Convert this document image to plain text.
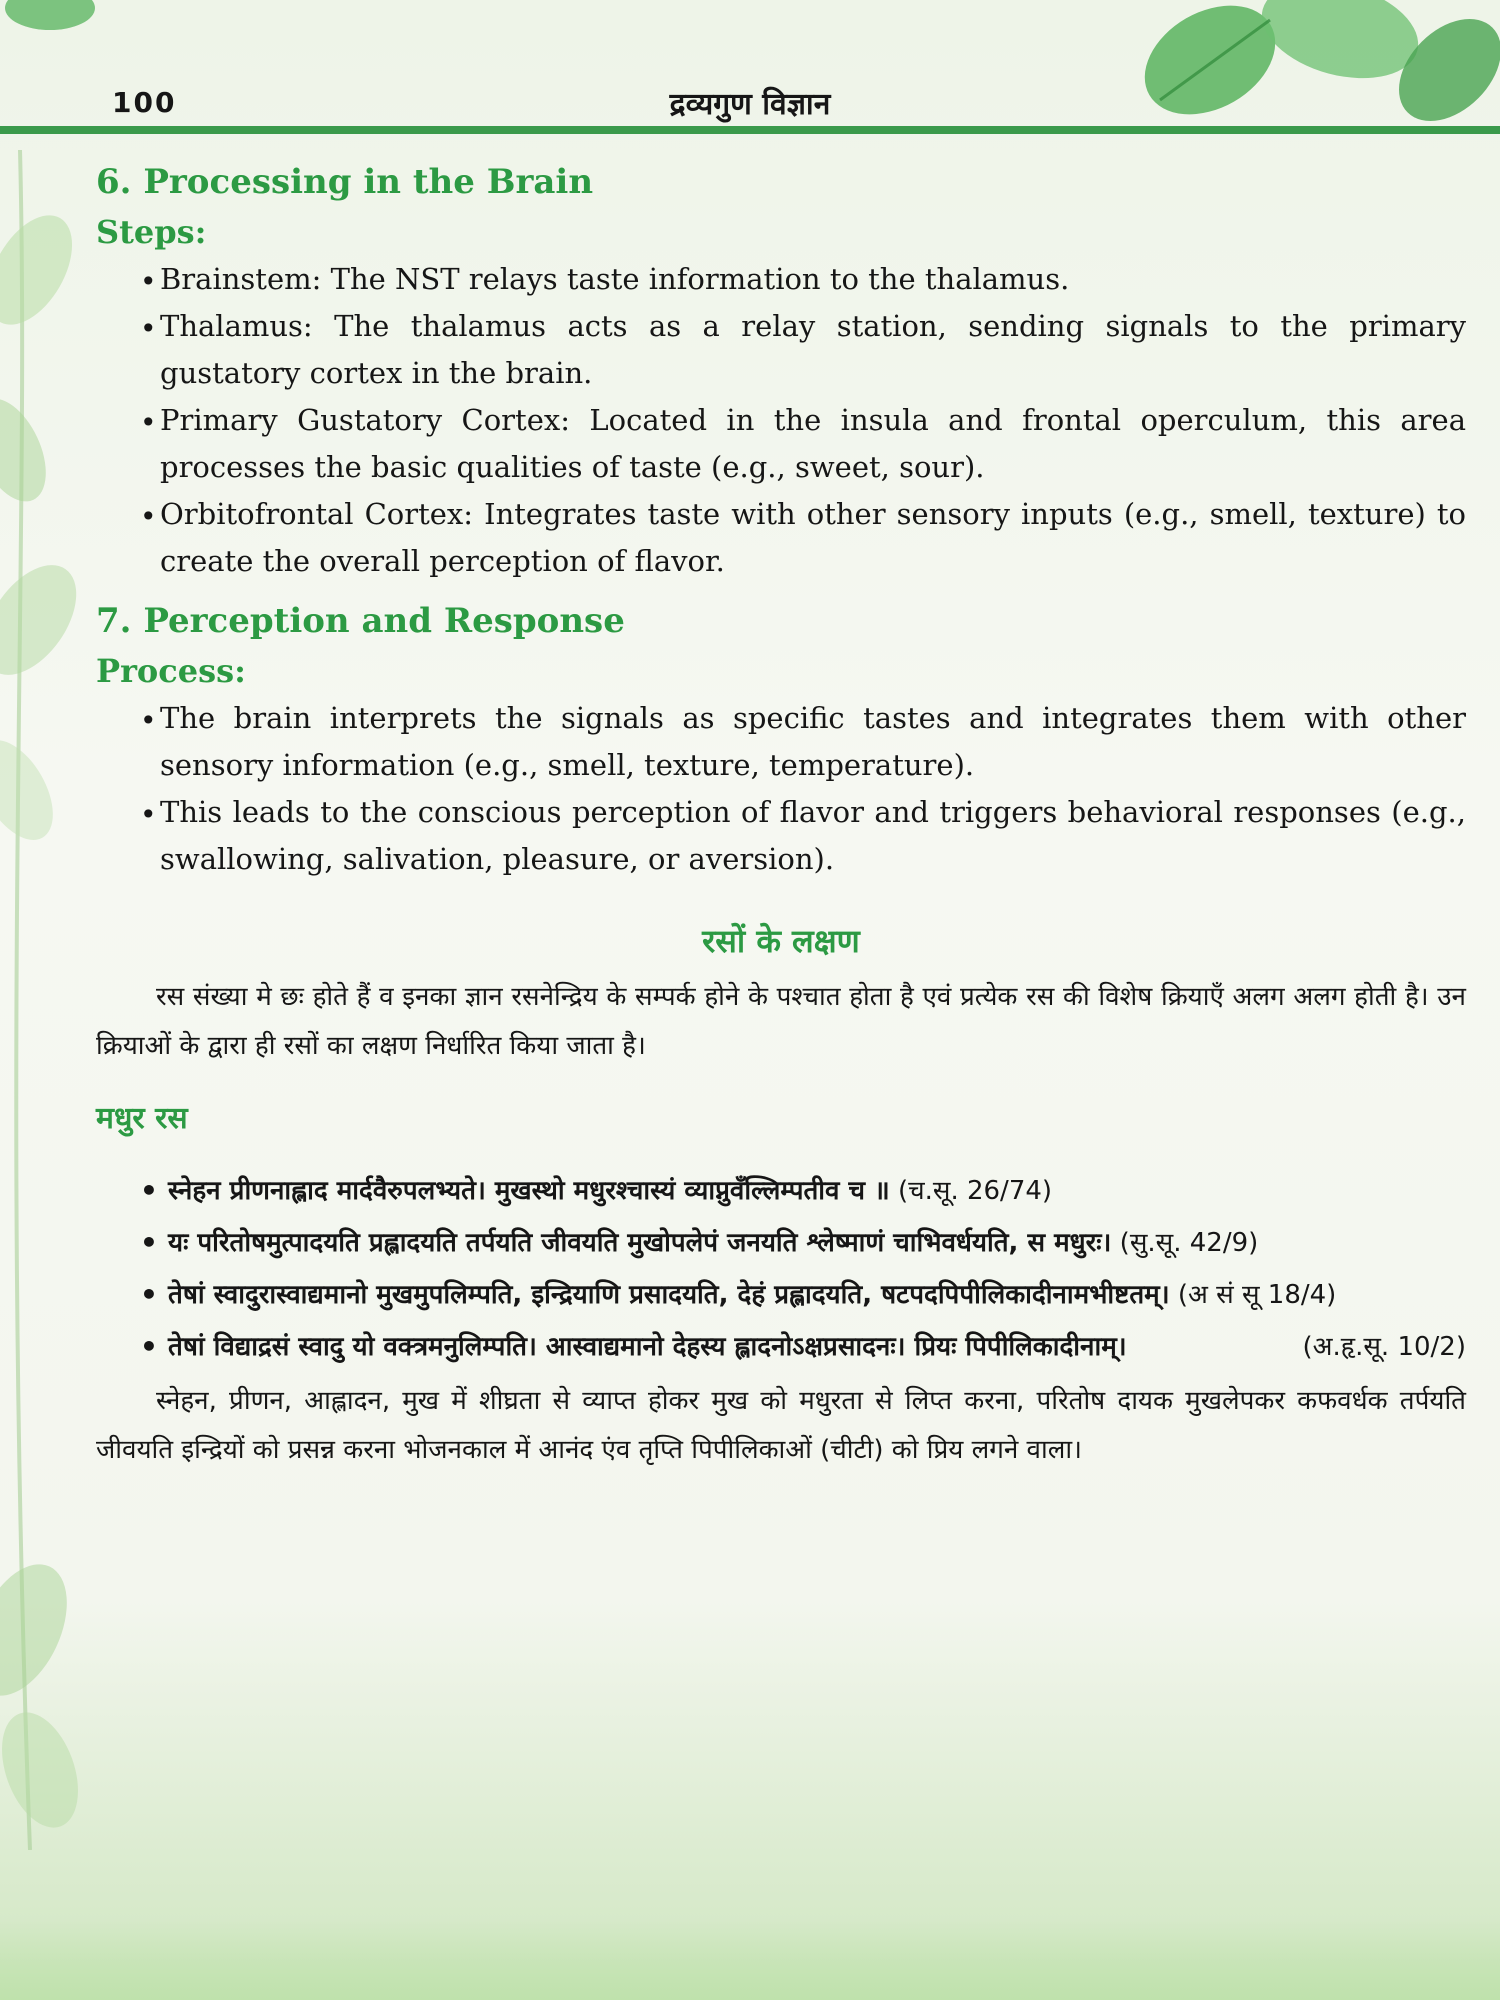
100	द्रव्यगुण विज्ञान
6. Processing in the Brain
Steps:
• Brainstem: The NST relays taste information to the thalamus.
• Thalamus: The thalamus acts as a relay station, sending signals to the primary gustatory cortex in the brain.
• Primary Gustatory Cortex: Located in the insula and frontal operculum, this area processes the basic qualities of taste (e.g., sweet, sour).
• Orbitofrontal Cortex: Integrates taste with other sensory inputs (e.g., smell, texture) to create the overall perception of flavor.
7. Perception and Response
Process:
• The brain interprets the signals as specific tastes and integrates them with other sensory information (e.g., smell, texture, temperature).
• This leads to the conscious perception of flavor and triggers behavioral responses (e.g., swallowing, salivation, pleasure, or aversion).
रसों के लक्षण

रस संख्या मे छः होते हैं व इनका ज्ञान रसनेन्द्रिय के सम्पर्क होने के पश्चात होता है एवं प्रत्येक रस की विशेष क्रियाएँ अलग अलग होती है। उन क्रियाओं के द्वारा ही रसों का लक्षण निर्धारित किया जाता है।

मधुर रस
• स्नेहन प्रीणनाह्लाद मार्दवैरुपलभ्यते। मुखस्थो मधुरश्चास्यं व्याप्नुवँल्लिम्पतीव च ॥ (च.सू. 26/74)
• यः परितोषमुत्पादयति प्रह्लादयति तर्पयति जीवयति मुखोपलेपं जनयति श्लेष्माणं चाभिवर्धयति, स मधुरः। (सु.सू. 42/9)
• तेषां स्वादुरास्वाद्यमानो मुखमुपलिम्पति, इन्द्रियाणि प्रसादयति, देहं प्रह्लादयति, षटपदपिपीलिकादीनामभीष्टतम्। (अ सं सू 18/4)
• तेषां विद्याद्रसं स्वादु यो वक्त्रमनुलिम्पति। आस्वाद्यमानो देहस्य ह्लादनोऽक्षप्रसादनः। प्रियः पिपीलिकादीनाम्।	(अ.हृ.सू. 10/2)

स्नेहन, प्रीणन, आह्लादन, मुख में शीघ्रता से व्याप्त होकर मुख को मधुरता से लिप्त करना, परितोष दायक मुखलेपकर कफवर्धक तर्पयति जीवयति इन्द्रियों को प्रसन्न करना भोजनकाल में आनंद एंव तृप्ति पिपीलिकाओं (चीटी) को प्रिय लगने वाला।
